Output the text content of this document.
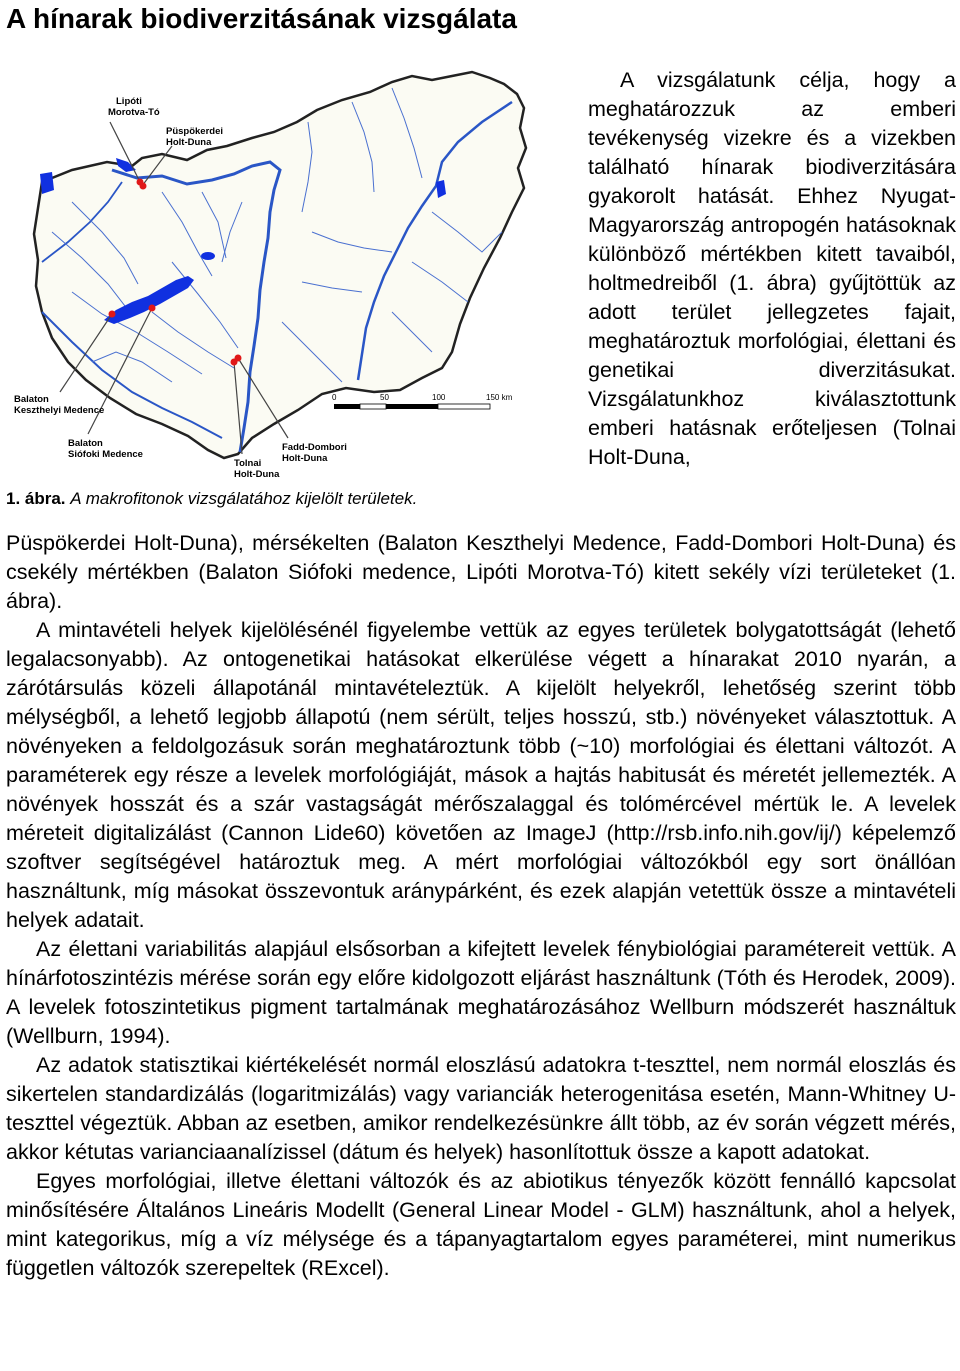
A hínarak biodiverzitásának vizsgálata
Lipóti Morotva-Tó
Püspökerdei Holt-Duna
Balaton Keszthelyi Medence
Balaton Siófoki Medence
Fadd-Dombori Holt-Duna
Tolnai Holt-Duna
0	50	100	150 km
1. ábra. A makrofitonok vizsgálatához kijelölt területek.

A vizsgálatunk célja, hogy a meghatározzuk az emberi tevékenység vizekre és a vizekben található hínarak biodiverzitására gyakorolt hatását. Ehhez Nyugat-Magyarország antropogén hatásoknak különböző mértékben kitett tavaiból, holtmedreiből (1. ábra) gyűjtöttük az adott terület jellegzetes fajait, meghatároztuk morfológiai, élettani és genetikai diverzitásukat. Vizsgálatunkhoz kiválasztottunk emberi hatásnak erőteljesen (Tolnai Holt-Duna,

Püspökerdei Holt-Duna), mérsékelten (Balaton Keszthelyi Medence, Fadd-Dombori Holt-Duna) és csekély mértékben (Balaton Siófoki medence, Lipóti Morotva-Tó) kitett sekély vízi területeket (1. ábra).

A mintavételi helyek kijelölésénél figyelembe vettük az egyes területek bolygatottságát (lehető legalacsonyabb). Az ontogenetikai hatásokat elkerülése végett a hínarakat 2010 nyarán, a zárótársulás közeli állapotánál mintavételeztük. A kijelölt helyekről, lehetőség szerint több mélységből, a lehető legjobb állapotú (nem sérült, teljes hosszú, stb.) növényeket választottuk. A növényeken a feldolgozásuk során meghatároztunk több (~10) morfológiai és élettani változót. A paraméterek egy része a levelek morfológiáját, mások a hajtás habitusát és méretét jellemezték. A növények hosszát és a szár vastagságát mérőszalaggal és tolómércével mértük le. A levelek méreteit digitalizálást (Cannon Lide60) követően az ImageJ (http://rsb.info.nih.gov/ij/) képelemző szoftver segítségével határoztuk meg. A mért morfológiai változókból egy sort önállóan használtunk, míg másokat összevontuk aránypárként, és ezek alapján vetettük össze a mintavételi helyek adatait.

Az élettani variabilitás alapjául elsősorban a kifejtett levelek fénybiológiai paramétereit vettük. A hínárfotoszintézis mérése során egy előre kidolgozott eljárást használtunk (Tóth és Herodek, 2009). A levelek fotoszintetikus pigment tartalmának meghatározásához Wellburn módszerét használtuk (Wellburn, 1994).

Az adatok statisztikai kiértékelését normál eloszlású adatokra t-teszttel, nem normál eloszlás és sikertelen standardizálás (logaritmizálás) vagy varianciák heterogenitása esetén, Mann-Whitney U-teszttel végeztük. Abban az esetben, amikor rendelkezésünkre állt több, az év során végzett mérés, akkor kétutas varianciaanalízissel (dátum és helyek) hasonlítottuk össze a kapott adatokat.

Egyes morfológiai, illetve élettani változók és az abiotikus tényezők között fennálló kapcsolat minősítésére Általános Lineáris Modellt (General Linear Model - GLM) használtunk, ahol a helyek, mint kategorikus, míg a víz mélysége és a tápanyagtartalom egyes paraméterei, mint numerikus független változók szerepeltek (RExcel).
